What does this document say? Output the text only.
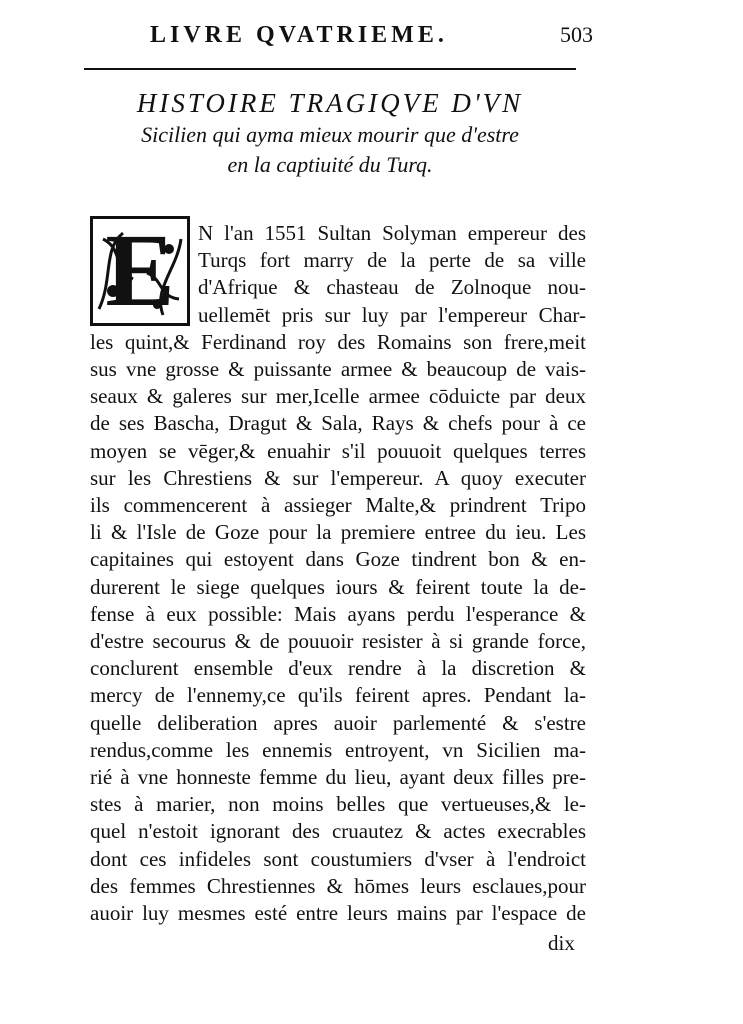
LIVRE QVATRIEME.	503
HISTOIRE TRAGIQVE D'VN
Sicilien qui ayma mieux mourir que d'estre
en la captiuité du Turq.
E	N l'an 1551 Sultan Solyman empereur des
Turqs fort marry de la perte de sa ville
d'Afrique & chasteau de Zolnoque nou-
uellemēt pris sur luy par l'empereur Char-
les quint,& Ferdinand roy des Romains son frere,meit
sus vne grosse & puissante armee & beaucoup de vais-
seaux & galeres sur mer,Icelle armee cōduicte par deux
de ses Bascha, Dragut & Sala, Rays & chefs pour à ce
moyen se vēger,& enuahir s'il pouuoit quelques terres
sur les Chrestiens & sur l'empereur. A quoy executer
ils commencerent à assieger Malte,& prindrent Tripo
li & l'Isle de Goze pour la premiere entree du ieu. Les
capitaines qui estoyent dans Goze tindrent bon & en-
durerent le siege quelques iours & feirent toute la de-
fense à eux possible: Mais ayans perdu l'esperance &
d'estre secourus & de pouuoir resister à si grande force,
conclurent ensemble d'eux rendre à la discretion &
mercy de l'ennemy,ce qu'ils feirent apres. Pendant la-
quelle deliberation apres auoir parlementé & s'estre
rendus,comme les ennemis entroyent, vn Sicilien ma-
rié à vne honneste femme du lieu, ayant deux filles pre-
stes à marier, non moins belles que vertueuses,& le-
quel n'estoit ignorant des cruautez & actes execrables
dont ces infideles sont coustumiers d'vser à l'endroict
des femmes Chrestiennes & hōmes leurs esclaues,pour
auoir luy mesmes esté entre leurs mains par l'espace de
dix
